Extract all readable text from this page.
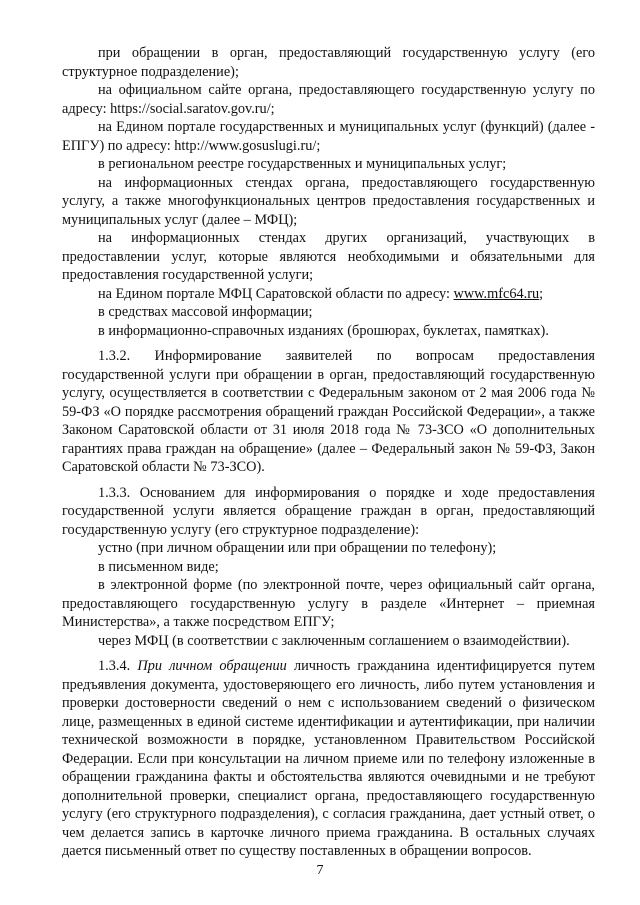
при обращении в орган, предоставляющий государственную услугу (его структурное подразделение);

на официальном сайте органа, предоставляющего государственную услугу по адресу: https://social.saratov.gov.ru/;

на Едином портале государственных и муниципальных услуг (функций) (далее - ЕПГУ) по адресу: http://www.gosuslugi.ru/;

в региональном реестре государственных и муниципальных услуг;

на информационных стендах органа, предоставляющего государственную услугу, а также многофункциональных центров предоставления государственных и муниципальных услуг (далее – МФЦ);

на информационных стендах других организаций, участвующих в предоставлении услуг, которые являются необходимыми и обязательными для предоставления государственной услуги;

на Едином портале МФЦ Саратовской области по адресу: www.mfc64.ru;

в средствах массовой информации;

в информационно-справочных изданиях (брошюрах, буклетах, памятках).

1.3.2. Информирование заявителей по вопросам предоставления государственной услуги при обращении в орган, предоставляющий государственную услугу, осуществляется в соответствии с Федеральным законом от 2 мая 2006 года № 59-ФЗ «О порядке рассмотрения обращений граждан Российской Федерации», а также Законом Саратовской области от 31 июля 2018 года № 73-ЗСО «О дополнительных гарантиях права граждан на обращение» (далее – Федеральный закон № 59-ФЗ, Закон Саратовской области № 73-ЗСО).

1.3.3. Основанием для информирования о порядке и ходе предоставления государственной услуги является обращение граждан в орган, предоставляющий государственную услугу (его структурное подразделение):

устно (при личном обращении или при обращении по телефону);

в письменном виде;

в электронной форме (по электронной почте, через официальный сайт органа, предоставляющего государственную услугу в разделе «Интернет – приемная Министерства», а также посредством ЕПГУ;

через МФЦ (в соответствии с заключенным соглашением о взаимодействии).

1.3.4. При личном обращении личность гражданина идентифицируется путем предъявления документа, удостоверяющего его личность, либо путем установления и проверки достоверности сведений о нем с использованием сведений о физическом лице, размещенных в единой системе идентификации и аутентификации, при наличии технической возможности в порядке, установленном Правительством Российской Федерации. Если при консультации на личном приеме или по телефону изложенные в обращении гражданина факты и обстоятельства являются очевидными и не требуют дополнительной проверки, специалист органа, предоставляющего государственную услугу (его структурного подразделения), с согласия гражданина, дает устный ответ, о чем делается запись в карточке личного приема гражданина. В остальных случаях дается письменный ответ по существу поставленных в обращении вопросов.

7
